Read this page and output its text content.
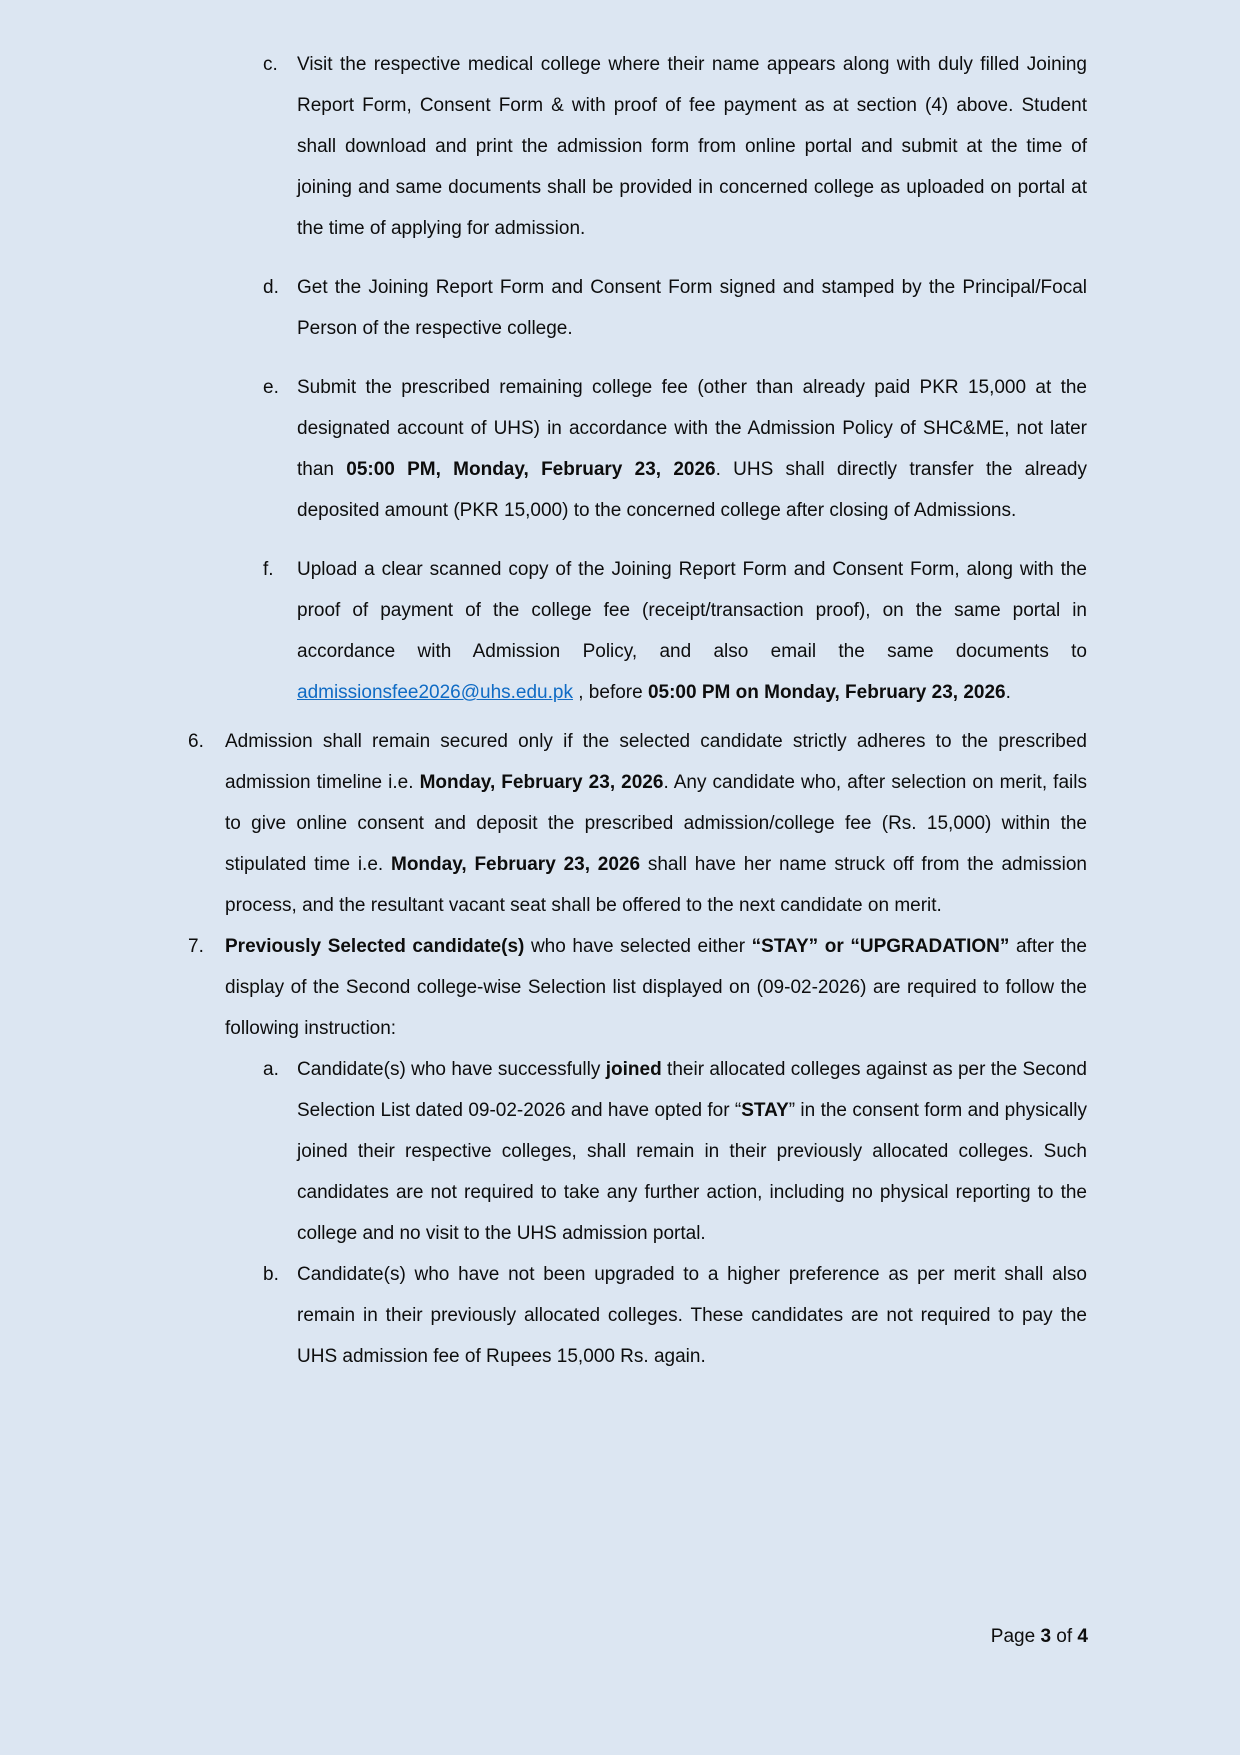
c.	Visit the respective medical college where their name appears along with duly filled Joining Report Form, Consent Form & with proof of fee payment as at section (4) above. Student shall download and print the admission form from online portal and submit at the time of joining and same documents shall be provided in concerned college as uploaded on portal at the time of applying for admission.

d. Get the Joining Report Form and Consent Form signed and stamped by the Principal/Focal Person of the respective college.

e. Submit the prescribed remaining college fee (other than already paid PKR 15,000 at the designated account of UHS) in accordance with the Admission Policy of SHC&ME, not later than 05:00 PM, Monday, February 23, 2026. UHS shall directly transfer the already deposited amount (PKR 15,000) to the concerned college after closing of Admissions.

f.	Upload a clear scanned copy of the Joining Report Form and Consent Form, along with the proof of payment of the college fee (receipt/transaction proof), on the same portal in accordance with Admission Policy, and also email the same documents to admissionsfee2026@uhs.edu.pk , before 05:00 PM on Monday, February 23, 2026.

6.	Admission shall remain secured only if the selected candidate strictly adheres to the prescribed admission timeline i.e. Monday, February 23, 2026. Any candidate who, after selection on merit, fails to give online consent and deposit the prescribed admission/college fee (Rs. 15,000) within the stipulated time i.e. Monday, February 23, 2026 shall have her name struck off from the admission process, and the resultant vacant seat shall be offered to the next candidate on merit.

7.	Previously Selected candidate(s) who have selected either “STAY” or “UPGRADATION” after the display of the Second college-wise Selection list displayed on (09-02-2026) are required to follow the following instruction:

a. Candidate(s) who have successfully joined their allocated colleges against as per the Second Selection List dated 09-02-2026 and have opted for “STAY” in the consent form and physically joined their respective colleges, shall remain in their previously allocated colleges. Such candidates are not required to take any further action, including no physical reporting to the college and no visit to the UHS admission portal.

b. Candidate(s) who have not been upgraded to a higher preference as per merit shall also remain in their previously allocated colleges. These candidates are not required to pay the UHS admission fee of Rupees 15,000 Rs. again.

Page 3 of 4
